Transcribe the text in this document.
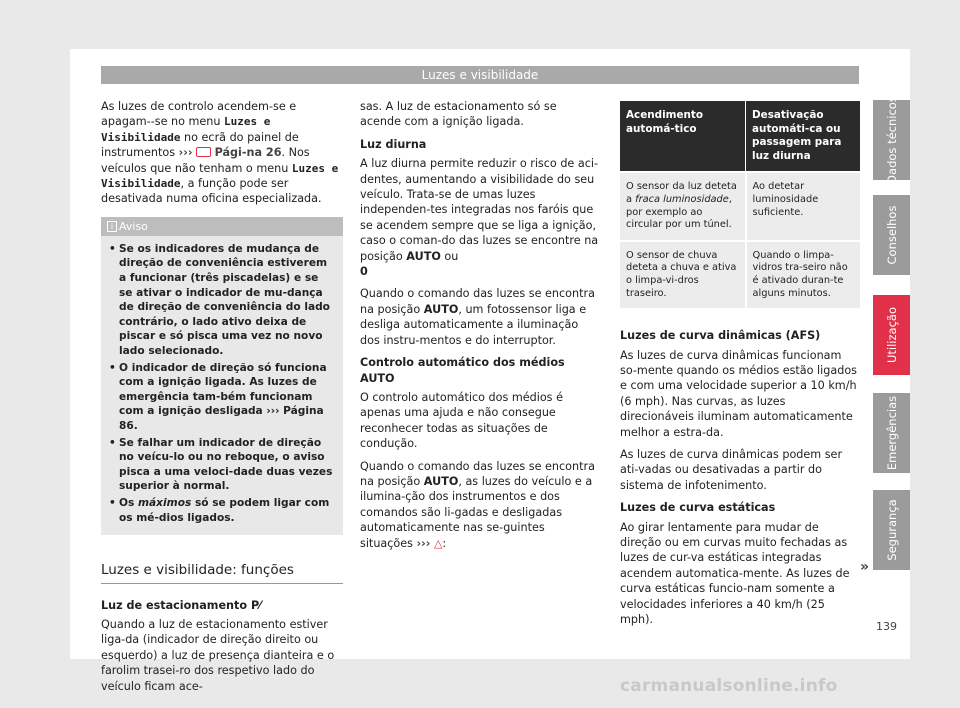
Luzes e visibilidade

As luzes de controlo acendem-se e apagam--se no menu Luzes e Visibilidade no ecrã do painel de instrumentos ››› Pági-na 26. Nos veículos que não tenham o menu Luzes e Visibilidade, a função pode ser desativada numa oficina especializada.

i Aviso
• Se os indicadores de mudança de direção de conveniência estiverem a funcionar (três piscadelas) e se se ativar o indicador de mu-dança de direção de conveniência do lado contrário, o lado ativo deixa de piscar e só pisca uma vez no novo lado selecionado.
• O indicador de direção só funciona com a ignição ligada. As luzes de emergência tam-bém funcionam com a ignição desligada ››› Página 86.
• Se falhar um indicador de direção no veícu-lo ou no reboque, o aviso pisca a uma veloci-dade duas vezes superior à normal.
• Os máximos só se podem ligar com os mé-dios ligados.
Luzes e visibilidade: funções
Luz de estacionamento P⁄

Quando a luz de estacionamento estiver liga-da (indicador de direção direito ou esquerdo) a luz de presença dianteira e o farolim trasei-ro dos respetivo lado do veículo ficam ace-

sas. A luz de estacionamento só se acende com a ignição ligada.

Luz diurna

A luz diurna permite reduzir o risco de aci-dentes, aumentando a visibilidade do seu veículo. Trata-se de umas luzes independen-tes integradas nos faróis que se acendem sempre que se liga a ignição, caso o coman-do das luzes se encontre na posição AUTO ou
0

Quando o comando das luzes se encontra na posição AUTO, um fotossensor liga e desliga automaticamente a iluminação dos instru-mentos e do interruptor.

Controlo automático dos médios AUTO

O controlo automático dos médios é apenas uma ajuda e não consegue reconhecer todas as situações de condução.

Quando o comando das luzes se encontra na posição AUTO, as luzes do veículo e a ilumina-ção dos instrumentos e dos comandos são li-gadas e desligadas automaticamente nas se-guintes situações ››› △:

Acendimento automá-tico	Desativação automáti-ca ou passagem para luz diurna
O sensor da luz deteta a fraca luminosidade, por exemplo ao circular por um túnel.	Ao detetar luminosidade suficiente.
O sensor de chuva deteta a chuva e ativa o limpa-vi-dros traseiro.	Quando o limpa-vidros tra-seiro não é ativado duran-te alguns minutos.
Luzes de curva dinâmicas (AFS)

As luzes de curva dinâmicas funcionam so-mente quando os médios estão ligados e com uma velocidade superior a 10 km/h (6 mph). Nas curvas, as luzes direcionáveis iluminam automaticamente melhor a estra-da.

As luzes de curva dinâmicas podem ser ati-vadas ou desativadas a partir do sistema de infotenimento.

Luzes de curva estáticas

Ao girar lentamente para mudar de direção ou em curvas muito fechadas as luzes de cur-va estáticas integradas acendem automatica-mente. As luzes de curva estáticas funcio-nam somente a velocidades inferiores a 40 km/h (25 mph).

»
Dados técnicos
Conselhos
Utilização
Emergências
Segurança
139
carmanualsonline.info
